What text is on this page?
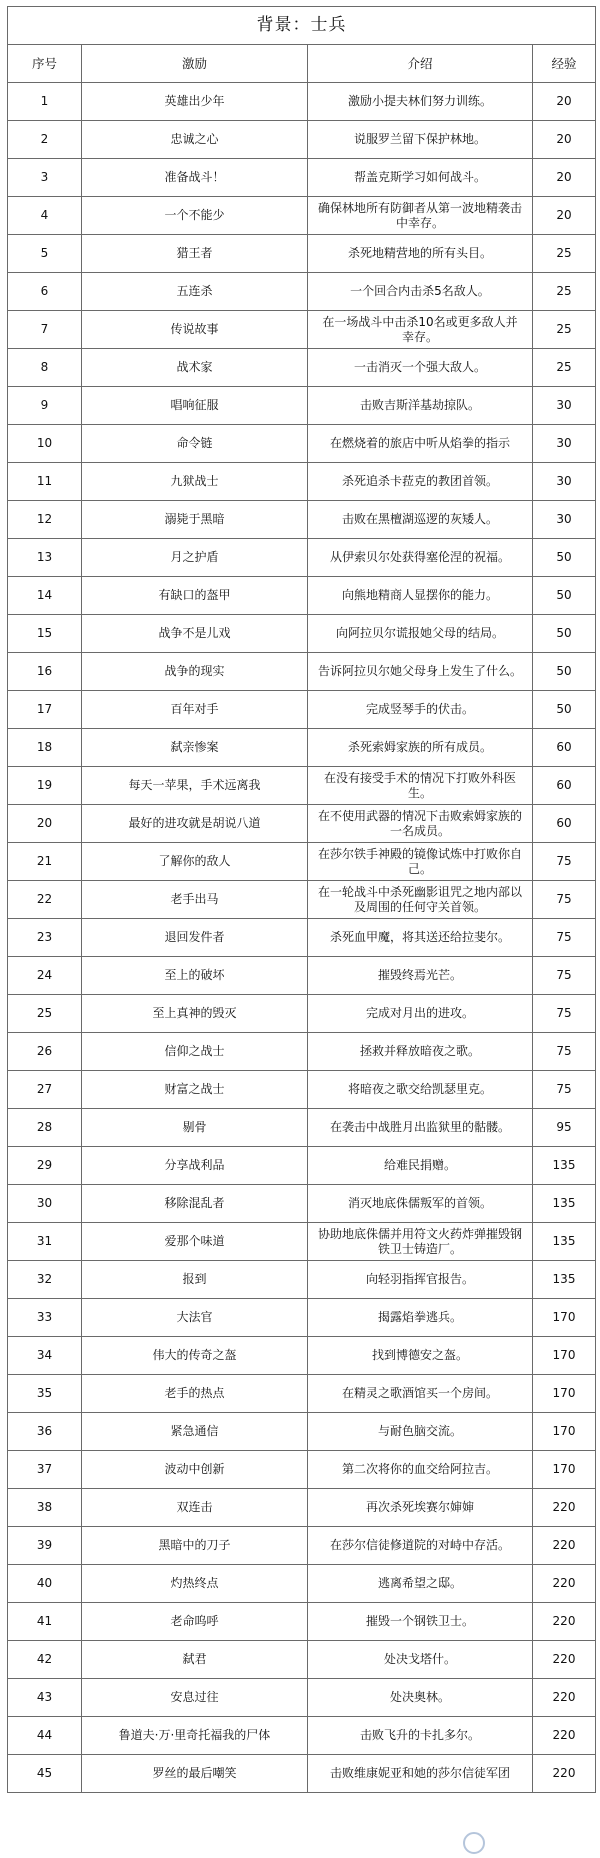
背景：士兵			
序号	激励	介绍	经验
1	英雄出少年	激励小提夫林们努力训练。	20
2	忠诚之心	说服罗兰留下保护林地。	20
3	准备战斗！	帮盖克斯学习如何战斗。	20
4	一个不能少	确保林地所有防御者从第一波地精袭击中幸存。	20
5	猎王者	杀死地精营地的所有头目。	25
6	五连杀	一个回合内击杀5名敌人。	25
7	传说故事	在一场战斗中击杀10名或更多敌人并幸存。	25
8	战术家	一击消灭一个强大敌人。	25
9	唱响征服	击败吉斯洋基劫掠队。	30
10	命令链	在燃烧着的旅店中听从焰拳的指示	30
11	九狱战士	杀死追杀卡菈克的教团首领。	30
12	溺毙于黑暗	击败在黑檀湖巡逻的灰矮人。	30
13	月之护盾	从伊索贝尔处获得塞伦涅的祝福。	50
14	有缺口的盔甲	向熊地精商人显摆你的能力。	50
15	战争不是儿戏	向阿拉贝尔谎报她父母的结局。	50
16	战争的现实	告诉阿拉贝尔她父母身上发生了什么。	50
17	百年对手	完成竖琴手的伏击。	50
18	弑亲惨案	杀死索姆家族的所有成员。	60
19	每天一苹果，手术远离我	在没有接受手术的情况下打败外科医生。	60
20	最好的进攻就是胡说八道	在不使用武器的情况下击败索姆家族的一名成员。	60
21	了解你的敌人	在莎尔铁手神殿的镜像试炼中打败你自己。	75
22	老手出马	在一轮战斗中杀死幽影诅咒之地内部以及周围的任何守关首领。	75
23	退回发件者	杀死血甲魔，将其送还给拉斐尔。	75
24	至上的破坏	摧毁终焉光芒。	75
25	至上真神的毁灭	完成对月出的进攻。	75
26	信仰之战士	拯救并释放暗夜之歌。	75
27	财富之战士	将暗夜之歌交给凯瑟里克。	75
28	剔骨	在袭击中战胜月出监狱里的骷髅。	95
29	分享战利品	给难民捐赠。	135
30	移除混乱者	消灭地底侏儒叛军的首领。	135
31	爱那个味道	协助地底侏儒并用符文火药炸弹摧毁钢铁卫士铸造厂。	135
32	报到	向轻羽指挥官报告。	135
33	大法官	揭露焰拳逃兵。	170
34	伟大的传奇之盔	找到博德安之盔。	170
35	老手的热点	在精灵之歌酒馆买一个房间。	170
36	紧急通信	与耐色脑交流。	170
37	波动中创新	第二次将你的血交给阿拉吉。	170
38	双连击	再次杀死埃赛尔婶婶	220
39	黑暗中的刀子	在莎尔信徒修道院的对峙中存活。	220
40	灼热终点	逃离希望之邸。	220
41	老命呜呼	摧毁一个钢铁卫士。	220
42	弑君	处决戈塔什。	220
43	安息过往	处决奥林。	220
44	鲁道夫·万·里奇托福我的尸体	击败飞升的卡扎多尔。	220
45	罗丝的最后嘲笑	击败维康妮亚和她的莎尔信徒军团	220
